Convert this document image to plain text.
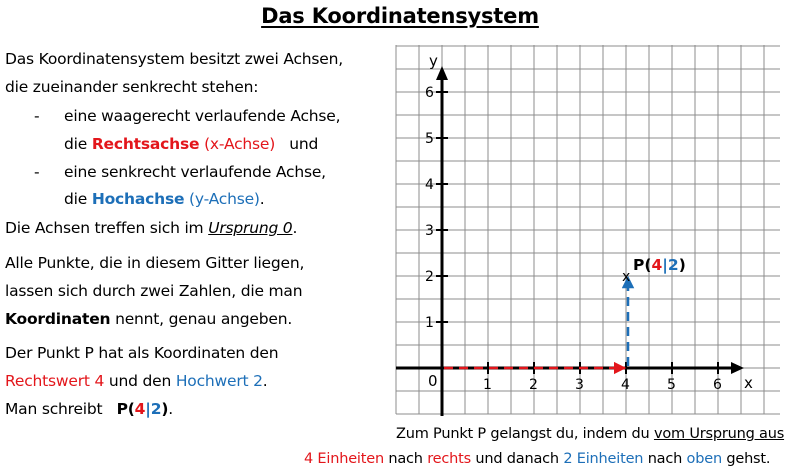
Das Koordinatensystem
Das Koordinatensystem besitzt zwei Achsen,
die zueinander senkrecht stehen:
- eine waagerecht verlaufende Achse,
die Rechtsachse (x-Achse) und
- eine senkrecht verlaufende Achse,
die Hochachse (y-Achse).
Die Achsen treffen sich im Ursprung 0.
Alle Punkte, die in diesem Gitter liegen,
lassen sich durch zwei Zahlen, die man
Koordinaten nennt, genau angeben.
Der Punkt P hat als Koordinaten den
Rechtswert 4 und den Hochwert 2.
Man schreibt P(4|2).
x
y
0	1	2	3	4	5	6
1
2
3
4
5
6
x
P(4|2)
Zum Punkt P gelangst du, indem du vom Ursprung aus
4 Einheiten nach rechts und danach 2 Einheiten nach oben gehst.
